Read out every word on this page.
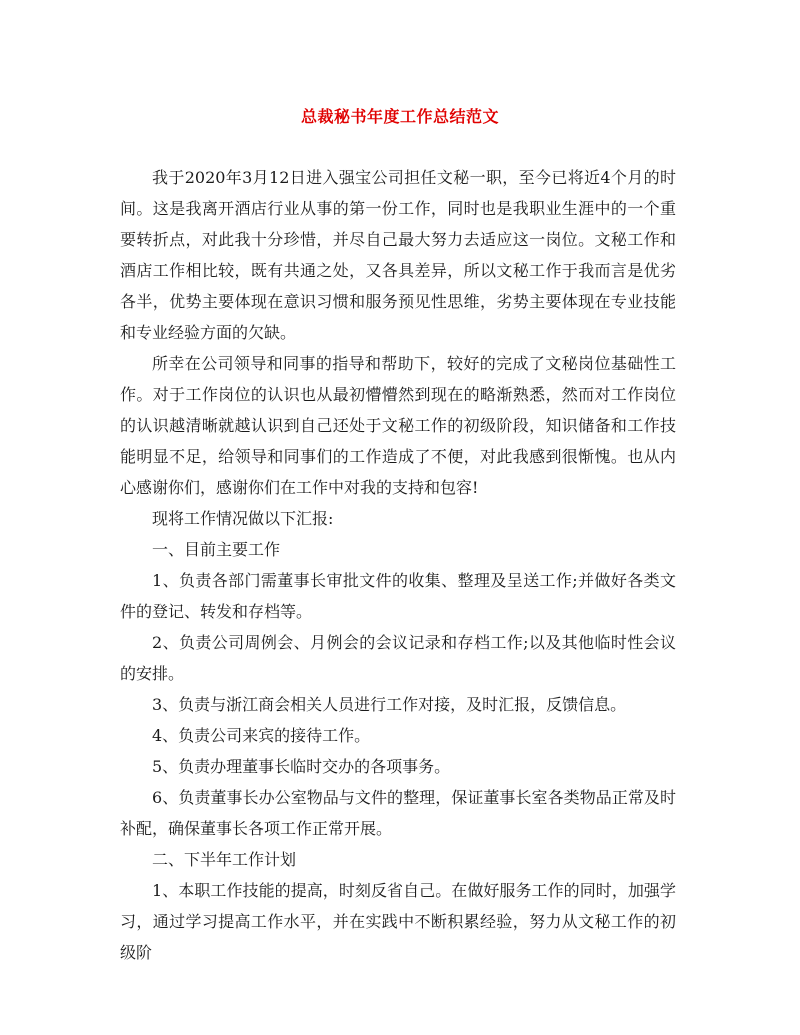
总裁秘书年度工作总结范文

我于2020年3月12日进入强宝公司担任文秘一职，至今已将近4个月的时间。这是我离开酒店行业从事的第一份工作，同时也是我职业生涯中的一个重要转折点，对此我十分珍惜，并尽自己最大努力去适应这一岗位。文秘工作和酒店工作相比较，既有共通之处，又各具差异，所以文秘工作于我而言是优劣各半，优势主要体现在意识习惯和服务预见性思维，劣势主要体现在专业技能和专业经验方面的欠缺。

所幸在公司领导和同事的指导和帮助下，较好的完成了文秘岗位基础性工作。对于工作岗位的认识也从最初懵懵然到现在的略渐熟悉，然而对工作岗位的认识越清晰就越认识到自己还处于文秘工作的初级阶段，知识储备和工作技能明显不足，给领导和同事们的工作造成了不便，对此我感到很惭愧。也从内心感谢你们，感谢你们在工作中对我的支持和包容!

现将工作情况做以下汇报:

一、目前主要工作

1、负责各部门需董事长审批文件的收集、整理及呈送工作;并做好各类文件的登记、转发和存档等。

2、负责公司周例会、月例会的会议记录和存档工作;以及其他临时性会议的安排。

3、负责与浙江商会相关人员进行工作对接，及时汇报，反馈信息。

4、负责公司来宾的接待工作。

5、负责办理董事长临时交办的各项事务。

6、负责董事长办公室物品与文件的整理，保证董事长室各类物品正常及时补配，确保董事长各项工作正常开展。

二、下半年工作计划

1、本职工作技能的提高，时刻反省自己。在做好服务工作的同时，加强学习，通过学习提高工作水平，并在实践中不断积累经验，努力从文秘工作的初级阶
